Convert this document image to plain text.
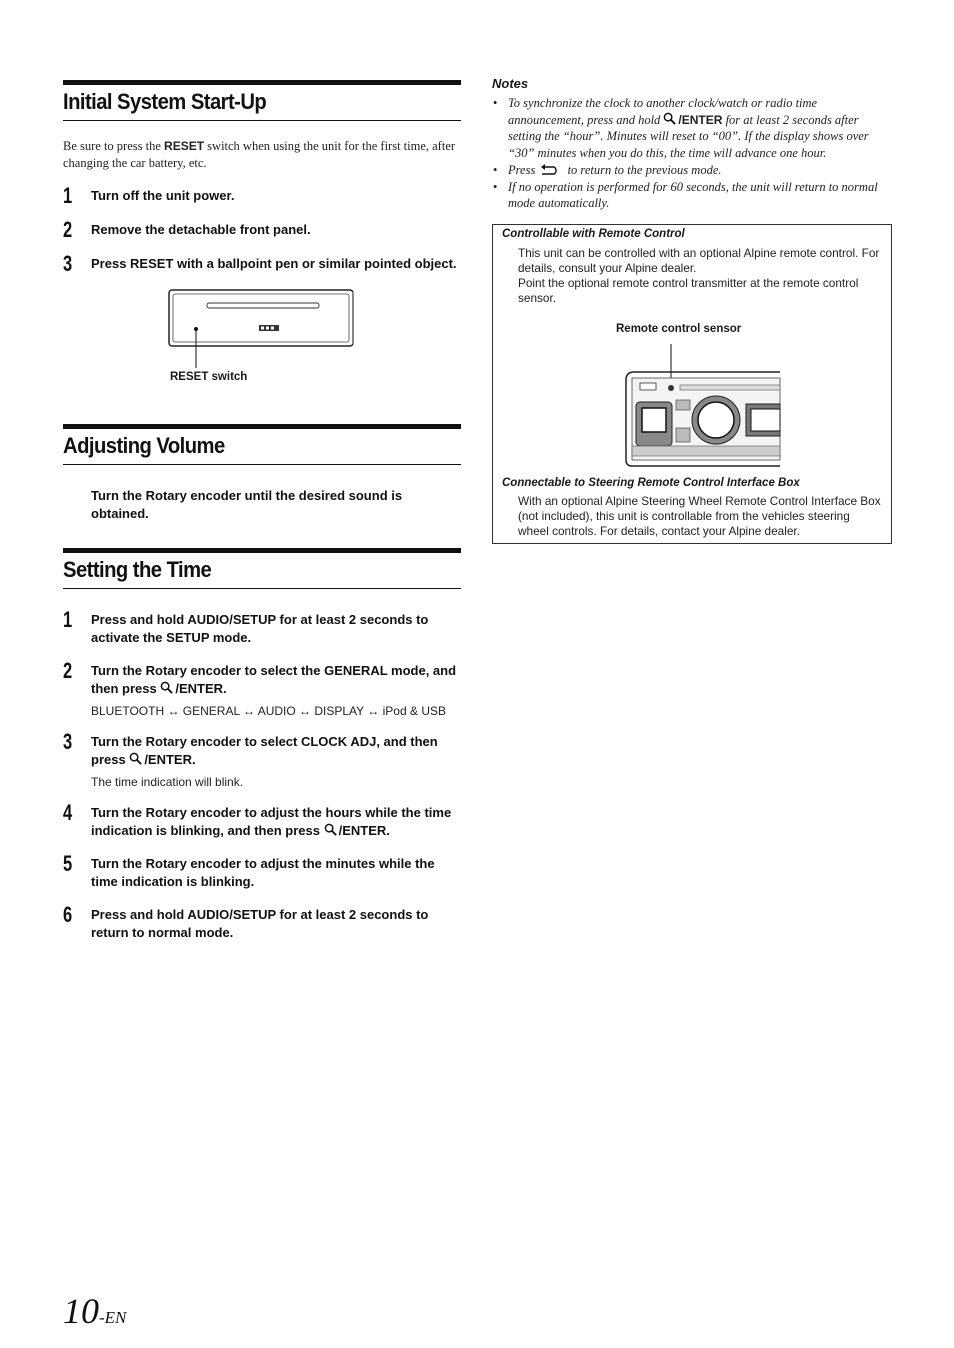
Initial System Start-Up

Be sure to press the RESET switch when using the unit for the first time, after changing the car battery, etc.

1 Turn off the unit power.
2 Remove the detachable front panel.
3 Press RESET with a ballpoint pen or similar pointed object.
RESET switch
Adjusting Volume
Turn the Rotary encoder until the desired sound is obtained.
Setting the Time
1 Press and hold AUDIO/SETUP for at least 2 seconds to activate the SETUP mode.
2 Turn the Rotary encoder to select the GENERAL mode, and then press /ENTER.
BLUETOOTH ↔ GENERAL ↔ AUDIO ↔ DISPLAY ↔ iPod & USB
3 Turn the Rotary encoder to select CLOCK ADJ, and then press /ENTER.
The time indication will blink.
4 Turn the Rotary encoder to adjust the hours while the time indication is blinking, and then press /ENTER.
5 Turn the Rotary encoder to adjust the minutes while the time indication is blinking.
6 Press and hold AUDIO/SETUP for at least 2 seconds to return to normal mode.

Notes

• To synchronize the clock to another clock/watch or radio time announcement, press and hold /ENTER for at least 2 seconds after setting the “hour”. Minutes will reset to “00”. If the display shows over “30” minutes when you do this, the time will advance one hour.
• Press  to return to the previous mode.
• If no operation is performed for 60 seconds, the unit will return to normal mode automatically.

Controllable with Remote Control

This unit can be controlled with an optional Alpine remote control. For details, consult your Alpine dealer.
Point the optional remote control transmitter at the remote control sensor.
Remote control sensor

Connectable to Steering Remote Control Interface Box

With an optional Alpine Steering Wheel Remote Control Interface Box (not included), this unit is controllable from the vehicles steering wheel controls. For details, contact your Alpine dealer.
10-EN
